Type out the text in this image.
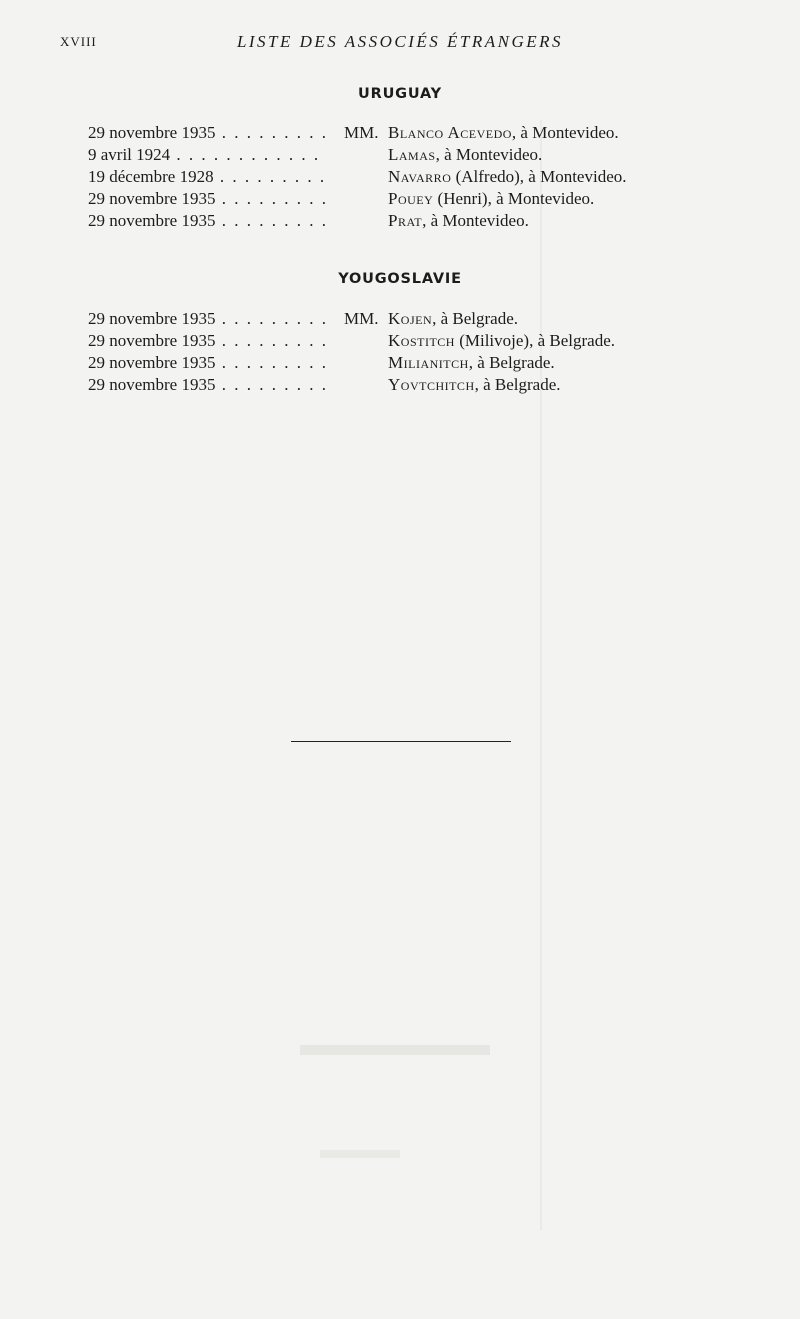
XVIII	LISTE DES ASSOCIÉS ÉTRANGERS
URUGUAY
29 novembre 1935 . . .	MM. Blanco Acevedo, à Montevideo.
9 avril 1924 . . .	Lamas, à Montevideo.
19 décembre 1928 . . .	Navarro (Alfredo), à Montevideo.
29 novembre 1935 . . .	Pouey (Henri), à Montevideo.
29 novembre 1935 . . .	Prat, à Montevideo.
YOUGOSLAVIE
29 novembre 1935 . . .	MM. Kojen, à Belgrade.
29 novembre 1935 . . .	Kostitch (Milivoje), à Belgrade.
29 novembre 1935 . . .	Milianitch, à Belgrade.
29 novembre 1935 . . .	Yovtchitch, à Belgrade.
